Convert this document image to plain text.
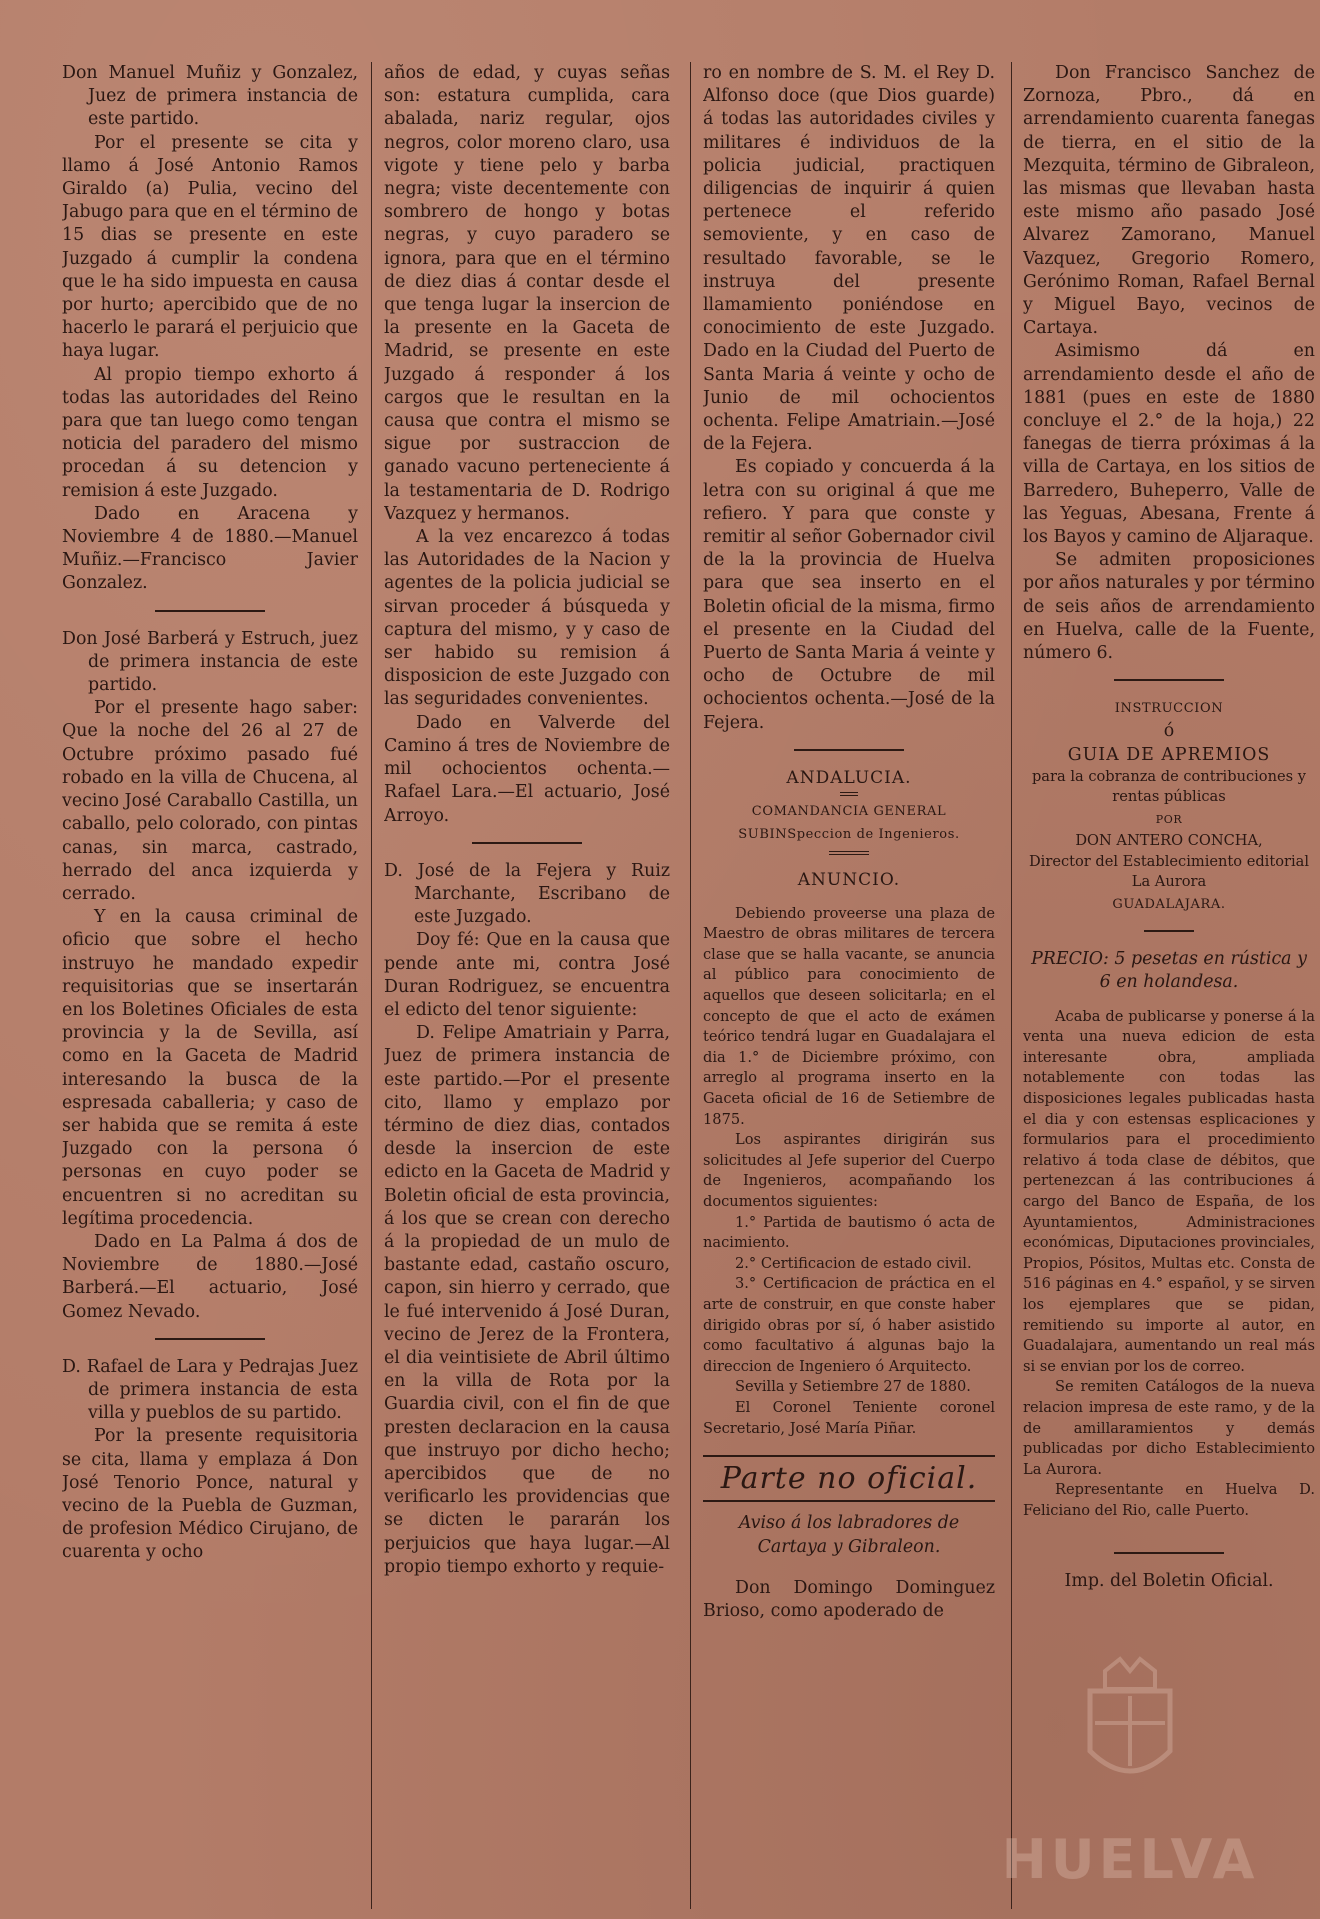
Don Manuel Muñiz y Gonzalez, Juez de primera instancia de este partido.

Por el presente se cita y llamo á José Antonio Ramos Giraldo (a) Pulia, vecino del Jabugo para que en el término de 15 dias se presente en este Juzgado á cumplir la condena que le ha sido impuesta en causa por hurto; apercibido que de no hacerlo le parará el perjuicio que haya lugar.

Al propio tiempo exhorto á todas las autoridades del Reino para que tan luego como tengan noticia del paradero del mismo procedan á su detencion y remision á este Juzgado.

Dado en Aracena y Noviembre 4 de 1880.—Manuel Muñiz.—Francisco Javier Gonzalez.

Don José Barberá y Estruch, juez de primera instancia de este partido.

Por el presente hago saber: Que la noche del 26 al 27 de Octubre próximo pasado fué robado en la villa de Chucena, al vecino José Caraballo Castilla, un caballo, pelo colorado, con pintas canas, sin marca, castrado, herrado del anca izquierda y cerrado.

Y en la causa criminal de oficio que sobre el hecho instruyo he mandado expedir requisitorias que se insertarán en los Boletines Oficiales de esta provincia y la de Sevilla, así como en la Gaceta de Madrid interesando la busca de la espresada caballeria; y caso de ser habida que se remita á este Juzgado con la persona ó personas en cuyo poder se encuentren si no acreditan su legítima procedencia.

Dado en La Palma á dos de Noviembre de 1880.—José Barberá.—El actuario, José Gomez Nevado.

D. Rafael de Lara y Pedrajas Juez de primera instancia de esta villa y pueblos de su partido.

Por la presente requisitoria se cita, llama y emplaza á Don José Tenorio Ponce, natural y vecino de la Puebla de Guzman, de profesion Médico Cirujano, de cuarenta y ocho

años de edad, y cuyas señas son: estatura cumplida, cara abalada, nariz regular, ojos negros, color moreno claro, usa vigote y tiene pelo y barba negra; viste decentemente con sombrero de hongo y botas negras, y cuyo paradero se ignora, para que en el término de diez dias á contar desde el que tenga lugar la insercion de la presente en la Gaceta de Madrid, se presente en este Juzgado á responder á los cargos que le resultan en la causa que contra el mismo se sigue por sustraccion de ganado vacuno perteneciente á la testamentaria de D. Rodrigo Vazquez y hermanos.

A la vez encarezco á todas las Autoridades de la Nacion y agentes de la policia judicial se sirvan proceder á búsqueda y captura del mismo, y y caso de ser habido su remision á disposicion de este Juzgado con las seguridades convenientes.

Dado en Valverde del Camino á tres de Noviembre de mil ochocientos ochenta.—Rafael Lara.—El actuario, José Arroyo.

D. José de la Fejera y Ruiz Marchante, Escribano de este Juzgado.

Doy fé: Que en la causa que pende ante mi, contra José Duran Rodriguez, se encuentra el edicto del tenor siguiente:

D. Felipe Amatriain y Parra, Juez de primera instancia de este partido.—Por el presente cito, llamo y emplazo por término de diez dias, contados desde la insercion de este edicto en la Gaceta de Madrid y Boletin oficial de esta provincia, á los que se crean con derecho á la propiedad de un mulo de bastante edad, castaño oscuro, capon, sin hierro y cerrado, que le fué intervenido á José Duran, vecino de Jerez de la Frontera, el dia veintisiete de Abril último en la villa de Rota por la Guardia civil, con el fin de que presten declaracion en la causa que instruyo por dicho hecho; apercibidos que de no verificarlo les providencias que se dicten le pararán los perjuicios que haya lugar.—Al propio tiempo exhorto y requie-

ro en nombre de S. M. el Rey D. Alfonso doce (que Dios guarde) á todas las autoridades civiles y militares é individuos de la policia judicial, practiquen diligencias de inquirir á quien pertenece el referido semoviente, y en caso de resultado favorable, se le instruya del presente llamamiento poniéndose en conocimiento de este Juzgado. Dado en la Ciudad del Puerto de Santa Maria á veinte y ocho de Junio de mil ochocientos ochenta. Felipe Amatriain.—José de la Fejera.

Es copiado y concuerda á la letra con su original á que me refiero. Y para que conste y remitir al señor Gobernador civil de la la provincia de Huelva para que sea inserto en el Boletin oficial de la misma, firmo el presente en la Ciudad del Puerto de Santa Maria á veinte y ocho de Octubre de mil ochocientos ochenta.—José de la Fejera.

ANDALUCIA.

COMANDANCIA GENERAL SUBINSpeccion de Ingenieros.

ANUNCIO.

Debiendo proveerse una plaza de Maestro de obras militares de tercera clase que se halla vacante, se anuncia al público para conocimiento de aquellos que deseen solicitarla; en el concepto de que el acto de exámen teórico tendrá lugar en Guadalajara el dia 1.° de Diciembre próximo, con arreglo al programa inserto en la Gaceta oficial de 16 de Setiembre de 1875.

Los aspirantes dirigirán sus solicitudes al Jefe superior del Cuerpo de Ingenieros, acompañando los documentos siguientes:

1.° Partida de bautismo ó acta de nacimiento.

2.° Certificacion de estado civil.

3.° Certificacion de práctica en el arte de construir, en que conste haber dirigido obras por sí, ó haber asistido como facultativo á algunas bajo la direccion de Ingeniero ó Arquitecto.

Sevilla y Setiembre 27 de 1880.

El Coronel Teniente coronel Secretario, José María Piñar.

Parte no oficial.

Aviso á los labradores de Cartaya y Gibraleon.

Don Domingo Dominguez Brioso, como apoderado de

Don Francisco Sanchez de Zornoza, Pbro., dá en arrendamiento cuarenta fanegas de tierra, en el sitio de la Mezquita, término de Gibraleon, las mismas que llevaban hasta este mismo año pasado José Alvarez Zamorano, Manuel Vazquez, Gregorio Romero, Gerónimo Roman, Rafael Bernal y Miguel Bayo, vecinos de Cartaya.

Asimismo dá en arrendamiento desde el año de 1881 (pues en este de 1880 concluye el 2.° de la hoja,) 22 fanegas de tierra próximas á la villa de Cartaya, en los sitios de Barredero, Buheperro, Valle de las Yeguas, Abesana, Frente á los Bayos y camino de Aljaraque.

Se admiten proposiciones por años naturales y por término de seis años de arrendamiento en Huelva, calle de la Fuente, número 6.

INSTRUCCION

ó

GUIA DE APREMIOS

para la cobranza de contribuciones y rentas públicas

POR

DON ANTERO CONCHA,

Director del Establecimiento editorial La Aurora

GUADALAJARA.

PRECIO: 5 pesetas en rústica y 6 en holandesa.

Acaba de publicarse y ponerse á la venta una nueva edicion de esta interesante obra, ampliada notablemente con todas las disposiciones legales publicadas hasta el dia y con estensas esplicaciones y formularios para el procedimiento relativo á toda clase de débitos, que pertenezcan á las contribuciones á cargo del Banco de España, de los Ayuntamientos, Administraciones económicas, Diputaciones provinciales, Propios, Pósitos, Multas etc. Consta de 516 páginas en 4.° español, y se sirven los ejemplares que se pidan, remitiendo su importe al autor, en Guadalajara, aumentando un real más si se envian por los de correo.

Se remiten Catálogos de la nueva relacion impresa de este ramo, y de la de amillaramientos y demás publicadas por dicho Establecimiento La Aurora.

Representante en Huelva D. Feliciano del Rio, calle Puerto.

Imp. del Boletin Oficial.

HUELVA
